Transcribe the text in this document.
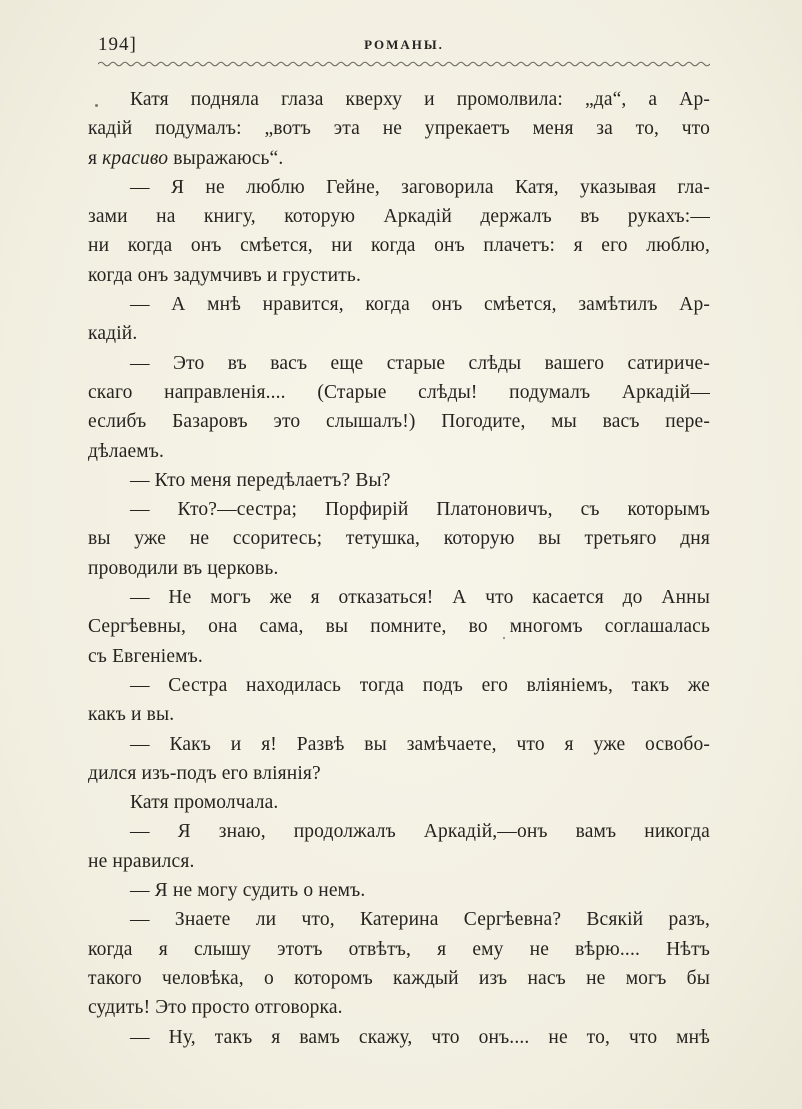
194]	РОМАНЫ.
Катя подняла глаза кверху и промолвила: „да“, а Ар-
кадій подумалъ: „вотъ эта не упрекаетъ меня за то, что
я красиво выражаюсь“.
— Я не люблю Гейне, заговорила Катя, указывая гла-
зами на книгу, которую Аркадій держалъ въ рукахъ:—
ни когда онъ смѣется, ни когда онъ плачетъ: я его люблю,
когда онъ задумчивъ и грустить.
— А мнѣ нравится, когда онъ смѣется, замѣтилъ Ар-
кадій.
— Это въ васъ еще старые слѣды вашего сатириче-
скаго направленія.... (Старые слѣды! подумалъ Аркадій—
еслибъ Базаровъ это слышалъ!) Погодите, мы васъ пере-
дѣлаемъ.
— Кто меня передѣлаетъ? Вы?
— Кто?—сестра; Порфирій Платоновичъ, съ которымъ
вы уже не ссоритесь; тетушка, которую вы третьяго дня
проводили въ церковь.
— Не могъ же я отказаться! А что касается до Анны
Сергѣевны, она сама, вы помните, во многомъ соглашалась
съ Евгеніемъ.
— Сестра находилась тогда подъ его вліяніемъ, такъ же
какъ и вы.
— Какъ и я! Развѣ вы замѣчаете, что я уже освобо-
дился изъ-подъ его вліянія?
Катя промолчала.
— Я знаю, продолжалъ Аркадій,—онъ вамъ никогда
не нравился.
— Я не могу судить о немъ.
— Знаете ли что, Катерина Сергѣевна? Всякій разъ,
когда я слышу этотъ отвѣтъ, я ему не вѣрю.... Нѣтъ
такого человѣка, о которомъ каждый изъ насъ не могъ бы
судить! Это просто отговорка.
— Ну, такъ я вамъ скажу, что онъ.... не то, что мнѣ
